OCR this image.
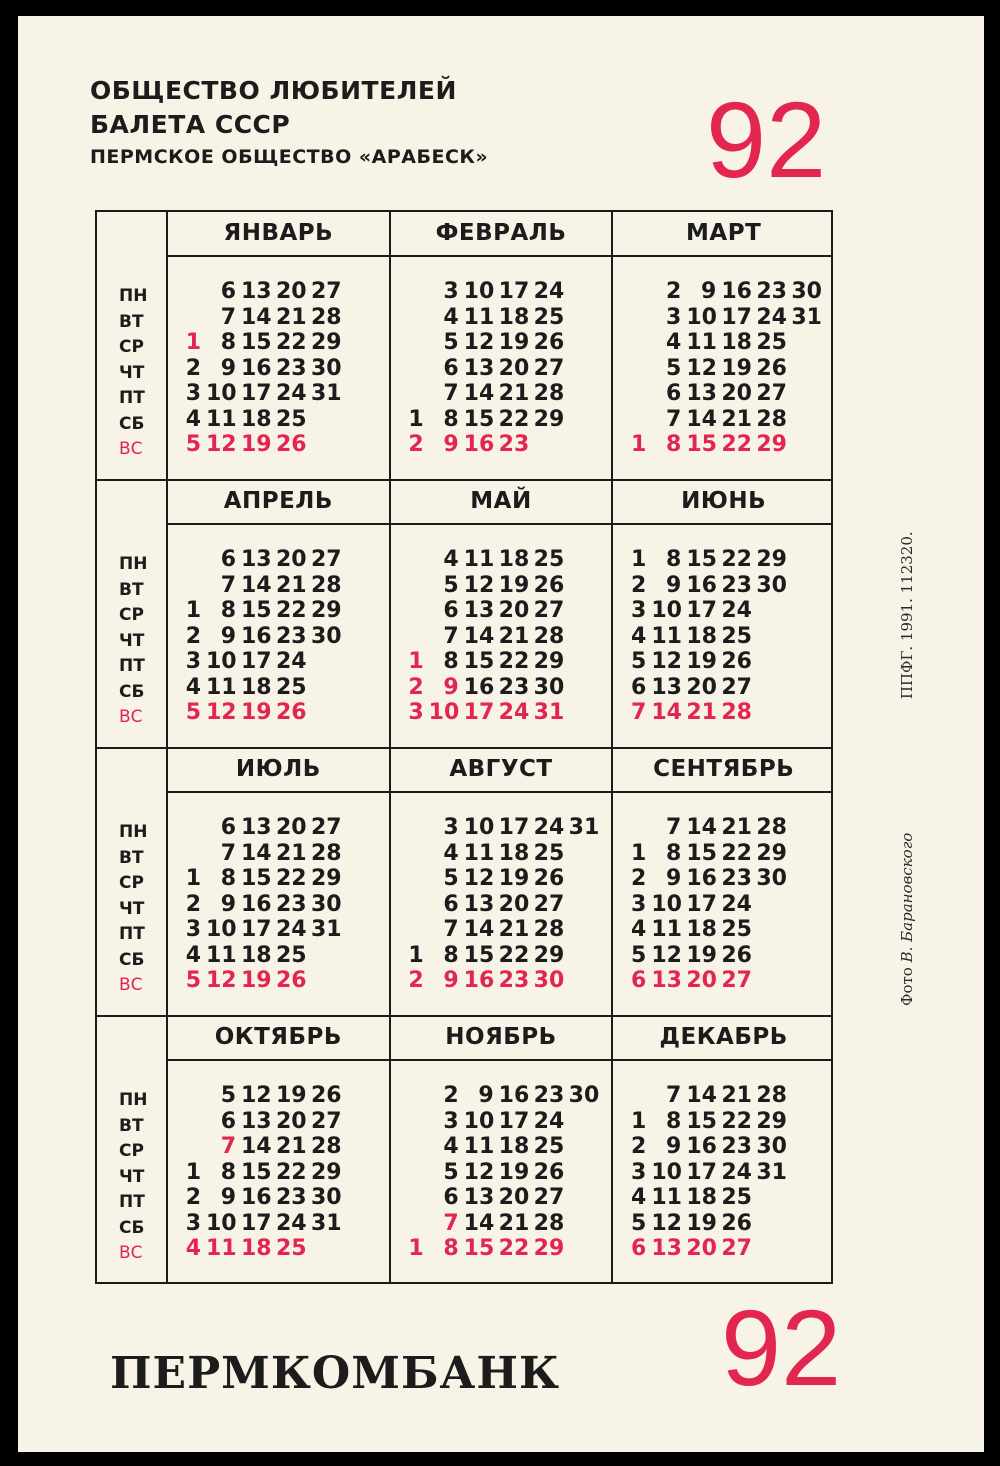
ОБЩЕСТВО ЛЮБИТЕЛЕЙ
БАЛЕТА СССР
ПЕРМСКОЕ ОБЩЕСТВО «АРАБЕСК» 92
ПН
ВТ
СР
ЧТ
ПТ
СБ
ВС
ЯНВАРЬ
1
2
3
4
5
6
7
8
9
10
11
12
13
14
15
16
17
18
19
20
21
22
23
24
25
26
27
28
29
30
31
ФЕВРАЛЬ
1
2
3
4
5
6
7
8
9
10
11
12
13
14
15
16
17
18
19
20
21
22
23
24
25
26
27
28
29
МАРТ
1
2
3
4
5
6
7
8
9
10
11
12
13
14
15
16
17
18
19
20
21
22
23
24
25
26
27
28
29
30
31
ПН
ВТ
СР
ЧТ
ПТ
СБ
ВС
АПРЕЛЬ
1
2
3
4
5
6
7
8
9
10
11
12
13
14
15
16
17
18
19
20
21
22
23
24
25
26
27
28
29
30
МАЙ
1
2
3
4
5
6
7
8
9
10
11
12
13
14
15
16
17
18
19
20
21
22
23
24
25
26
27
28
29
30
31
ИЮНЬ
1
2
3
4
5
6
7
8
9
10
11
12
13
14
15
16
17
18
19
20
21
22
23
24
25
26
27
28
29
30
ПН
ВТ
СР
ЧТ
ПТ
СБ
ВС
ИЮЛЬ
1
2
3
4
5
6
7
8
9
10
11
12
13
14
15
16
17
18
19
20
21
22
23
24
25
26
27
28
29
30
31
АВГУСТ
1
2
3
4
5
6
7
8
9
10
11
12
13
14
15
16
17
18
19
20
21
22
23
24
25
26
27
28
29
30
31
СЕНТЯБРЬ
1
2
3
4
5
6
7
8
9
10
11
12
13
14
15
16
17
18
19
20
21
22
23
24
25
26
27
28
29
30
ПН
ВТ
СР
ЧТ
ПТ
СБ
ВС
ОКТЯБРЬ
1
2
3
4
5
6
7
8
9
10
11
12
13
14
15
16
17
18
19
20
21
22
23
24
25
26
27
28
29
30
31
НОЯБРЬ
1
2
3
4
5
6
7
8
9
10
11
12
13
14
15
16
17
18
19
20
21
22
23
24
25
26
27
28
29
30
ДЕКАБРЬ
1
2
3
4
5
6
7
8
9
10
11
12
13
14
15
16
17
18
19
20
21
22
23
24
25
26
27
28
29
30
31
Фото В. Барановского                            ППФГ. 1991. 112320.
ПЕРМКОМБАНК 92
